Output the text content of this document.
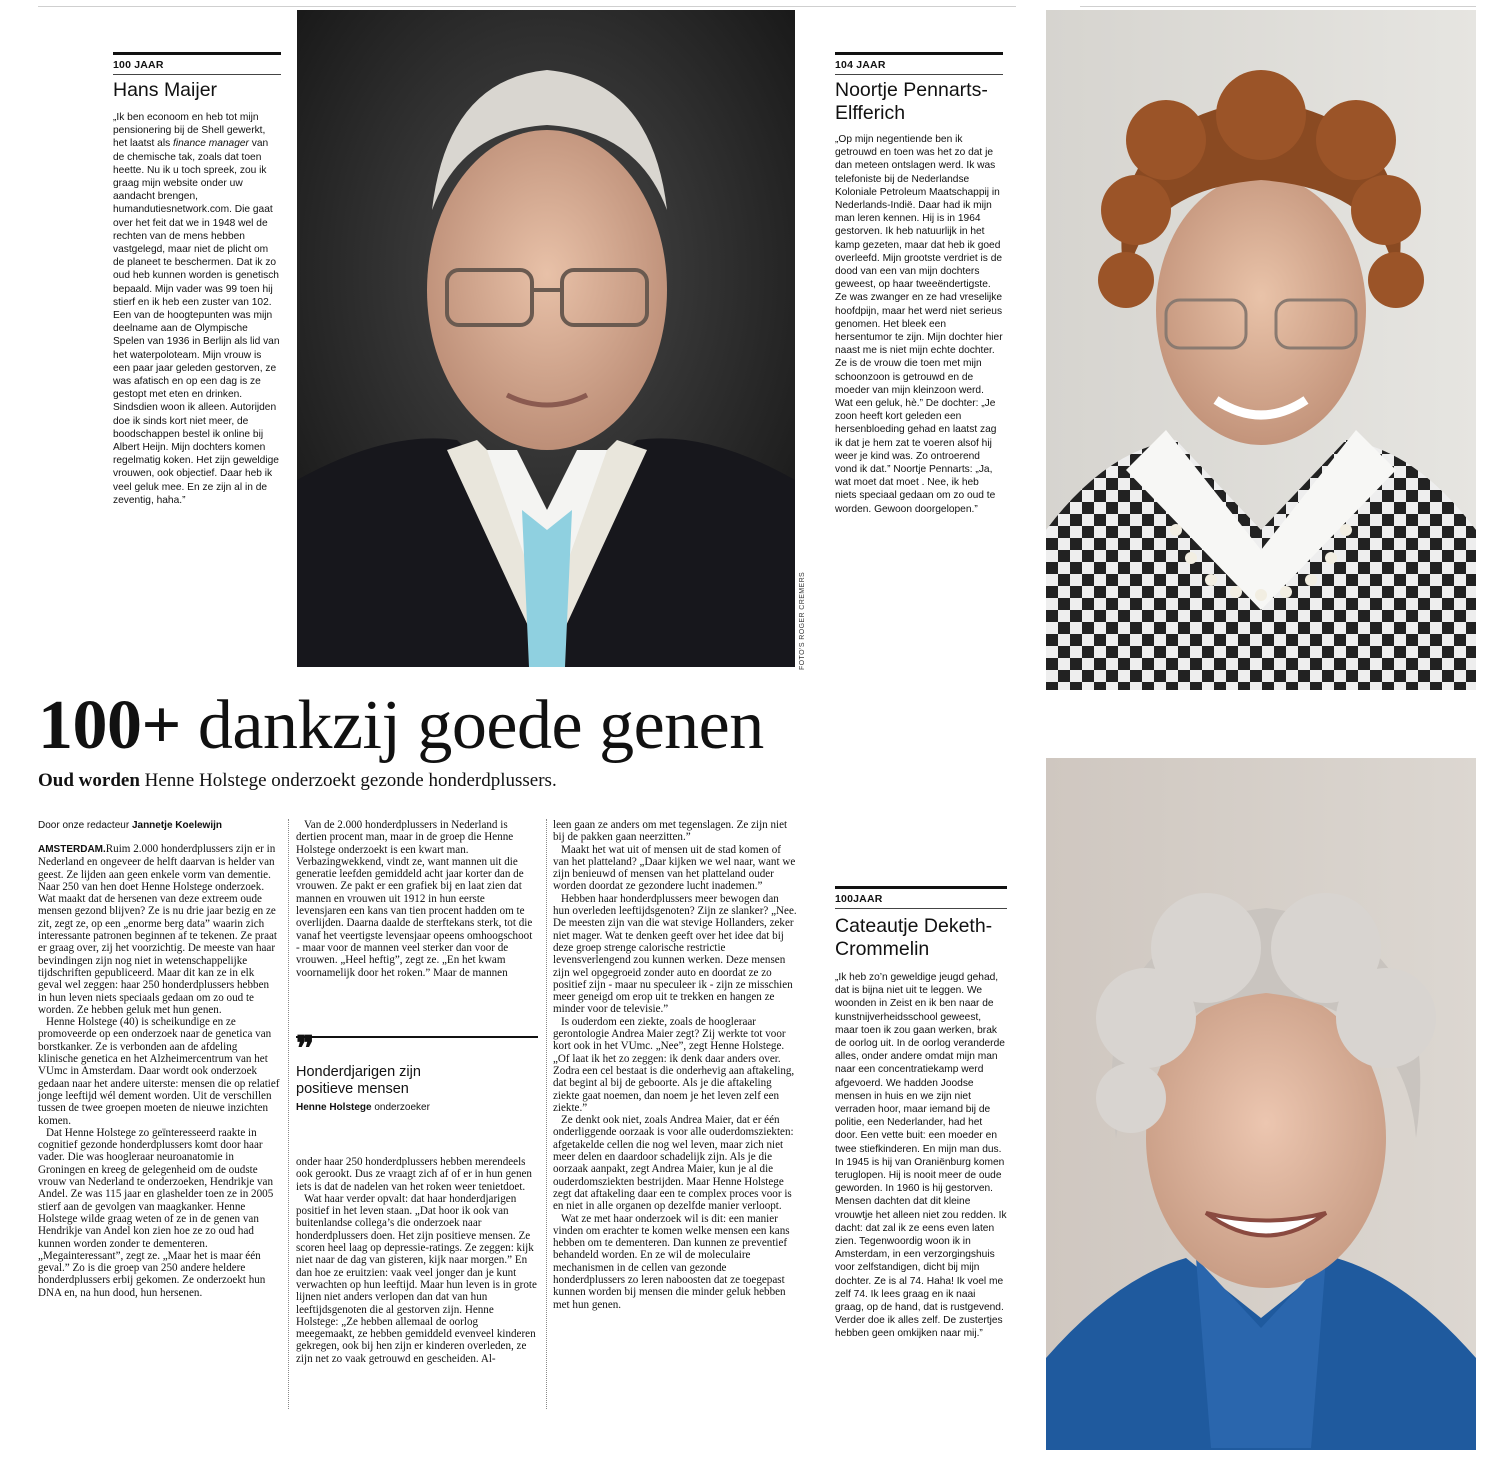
100 JAAR
Hans Maijer
„Ik ben econoom en heb tot mijn pensionering bij de Shell gewerkt, het laatst als finance manager van de chemische tak, zoals dat toen heette. Nu ik u toch spreek, zou ik graag mijn website onder uw aandacht brengen, humandutiesnetwork.com. Die gaat over het feit dat we in 1948 wel de rechten van de mens hebben vastgelegd, maar niet de plicht om de planeet te beschermen. Dat ik zo oud heb kunnen worden is genetisch bepaald. Mijn vader was 99 toen hij stierf en ik heb een zuster van 102. Een van de hoogtepunten was mijn deelname aan de Olympische Spelen van 1936 in Berlijn als lid van het waterpoloteam. Mijn vrouw is een paar jaar geleden gestorven, ze was afatisch en op een dag is ze gestopt met eten en drinken. Sindsdien woon ik alleen. Autorijden doe ik sinds kort niet meer, de boodschappen bestel ik online bij Albert Heijn. Mijn dochters komen regelmatig koken. Het zijn geweldige vrouwen, ook objectief. Daar heb ik veel geluk mee. En ze zijn al in de zeventig, haha.”
FOTO’S ROGER CREMERS
104 JAAR
Noortje Pennarts-
Elfferich
„Op mijn negentiende ben ik getrouwd en toen was het zo dat je dan meteen ontslagen werd. Ik was telefoniste bij de Nederlandse Koloniale Petroleum Maatschappij in Nederlands-Indië. Daar had ik mijn man leren kennen. Hij is in 1964 gestorven. Ik heb natuurlijk in het kamp gezeten, maar dat heb ik goed overleefd. Mijn grootste verdriet is de dood van een van mijn dochters geweest, op haar tweeëndertigste. Ze was zwanger en ze had vreselijke hoofdpijn, maar het werd niet serieus genomen. Het bleek een hersentumor te zijn. Mijn dochter hier naast me is niet mijn echte dochter. Ze is de vrouw die toen met mijn schoonzoon is getrouwd en de moeder van mijn kleinzoon werd. Wat een geluk, hè.” De dochter: „Je zoon heeft kort geleden een hersenbloeding gehad en laatst zag ik dat je hem zat te voeren alsof hij weer je kind was. Zo ontroerend vond ik dat.” Noortje Pennarts: „Ja, wat moet dat moet . Nee, ik heb niets speciaal gedaan om zo oud te worden. Gewoon doorgelopen.”
100JAAR
Cateautje Deketh-
Crommelin
„Ik heb zo’n geweldige jeugd gehad, dat is bijna niet uit te leggen. We woonden in Zeist en ik ben naar de kunstnijverheidsschool geweest, maar toen ik zou gaan werken, brak de oorlog uit. In de oorlog veranderde alles, onder andere omdat mijn man naar een concentratiekamp werd afgevoerd. We hadden Joodse mensen in huis en we zijn niet verraden hoor, maar iemand bij de politie, een Nederlander, had het door. Een vette buit: een moeder en twee stiefkinderen. En mijn man dus. In 1945 is hij van Oraniënburg komen teruglopen. Hij is nooit meer de oude geworden. In 1960 is hij gestorven. Mensen dachten dat dit kleine vrouwtje het alleen niet zou redden. Ik dacht: dat zal ik ze eens even laten zien. Tegenwoordig woon ik in Amsterdam, in een verzorgingshuis voor zelfstandigen, dicht bij mijn dochter. Ze is al 74. Haha! Ik voel me zelf 74. Ik lees graag en ik naai graag, op de hand, dat is rustgevend. Verder doe ik alles zelf. De zustertjes hebben geen omkijken naar mij.”
100+ dankzij goede genen
Oud worden Henne Holstege onderzoekt gezonde honderdplussers.
Door onze redacteur Jannetje Koelewijn

AMSTERDAM.Ruim 2.000 honderdplussers zijn er in Nederland en ongeveer de helft daarvan is helder van geest. Ze lijden aan geen enkele vorm van dementie. Naar 250 van hen doet Henne Holstege onderzoek. Wat maakt dat de hersenen van deze extreem oude mensen gezond blijven? Ze is nu drie jaar bezig en ze zit, zegt ze, op een „enorme berg data” waarin zich interessante patronen beginnen af te tekenen. Ze praat er graag over, zij het voorzichtig. De meeste van haar bevindingen zijn nog niet in wetenschappelijke tijdschriften gepubliceerd. Maar dit kan ze in elk geval wel zeggen: haar 250 honderdplussers hebben in hun leven niets speciaals gedaan om zo oud te worden. Ze hebben geluk met hun genen.

Henne Holstege (40) is scheikundige en ze promoveerde op een onderzoek naar de genetica van borstkanker. Ze is verbonden aan de afdeling klinische genetica en het Alzheimercentrum van het VUmc in Amsterdam. Daar wordt ook onderzoek gedaan naar het andere uiterste: mensen die op relatief jonge leeftijd wél dement worden. Uit de verschillen tussen de twee groepen moeten de nieuwe inzichten komen.

Dat Henne Holstege zo geïnteresseerd raakte in cognitief gezonde honderdplussers komt door haar vader. Die was hoogleraar neuroanatomie in Groningen en kreeg de gelegenheid om de oudste vrouw van Nederland te onderzoeken, Hendrikje van Andel. Ze was 115 jaar en glashelder toen ze in 2005 stierf aan de gevolgen van maagkanker. Henne Holstege wilde graag weten of ze in de genen van Hendrikje van Andel kon zien hoe ze zo oud had kunnen worden zonder te dementeren. „Megainteressant”, zegt ze. „Maar het is maar één geval.” Zo is die groep van 250 andere heldere honderdplussers erbij gekomen. Ze onderzoekt hun DNA en, na hun dood, hun hersenen.

Van de 2.000 honderdplussers in Nederland is dertien procent man, maar in de groep die Henne Holstege onderzoekt is een kwart man. Verbazingwekkend, vindt ze, want mannen uit die generatie leefden gemiddeld acht jaar korter dan de vrouwen. Ze pakt er een grafiek bij en laat zien dat mannen en vrouwen uit 1912 in hun eerste levensjaren een kans van tien procent hadden om te overlijden. Daarna daalde de sterftekans sterk, tot die vanaf het veertigste levensjaar opeens omhoogschoot - maar voor de mannen veel sterker dan voor de vrouwen. „Heel heftig”, zegt ze. „En het kwam voornamelijk door het roken.” Maar de mannen

❞
Honderdjarigen zijn
positieve mensen
Henne Holstege onderzoeker

onder haar 250 honderdplussers hebben merendeels ook gerookt. Dus ze vraagt zich af of er in hun genen iets is dat de nadelen van het roken weer tenietdoet.

Wat haar verder opvalt: dat haar honderdjarigen positief in het leven staan. „Dat hoor ik ook van buitenlandse collega’s die onderzoek naar honderdplussers doen. Het zijn positieve mensen. Ze scoren heel laag op depressie-ratings. Ze zeggen: kijk niet naar de dag van gisteren, kijk naar morgen.” En dan hoe ze eruitzien: vaak veel jonger dan je kunt verwachten op hun leeftijd. Maar hun leven is in grote lijnen niet anders verlopen dan dat van hun leeftijdsgenoten die al gestorven zijn. Henne Holstege: „Ze hebben allemaal de oorlog meegemaakt, ze hebben gemiddeld evenveel kinderen gekregen, ook bij hen zijn er kinderen overleden, ze zijn net zo vaak getrouwd en gescheiden. Al-

leen gaan ze anders om met tegenslagen. Ze zijn niet bij de pakken gaan neerzitten.”

Maakt het wat uit of mensen uit de stad komen of van het platteland? „Daar kijken we wel naar, want we zijn benieuwd of mensen van het platteland ouder worden doordat ze gezondere lucht inademen.”

Hebben haar honderdplussers meer bewogen dan hun overleden leeftijdsgenoten? Zijn ze slanker? „Nee. De meesten zijn van die wat stevige Hollanders, zeker niet mager. Wat te denken geeft over het idee dat bij deze groep strenge calorische restrictie levensverlengend zou kunnen werken. Deze mensen zijn wel opgegroeid zonder auto en doordat ze zo positief zijn - maar nu speculeer ik - zijn ze misschien meer geneigd om erop uit te trekken en hangen ze minder voor de televisie.”

Is ouderdom een ziekte, zoals de hoogleraar gerontologie Andrea Maier zegt? Zij werkte tot voor kort ook in het VUmc. „Nee”, zegt Henne Holstege. „Of laat ik het zo zeggen: ik denk daar anders over. Zodra een cel bestaat is die onderhevig aan aftakeling, dat begint al bij de geboorte. Als je die aftakeling ziekte gaat noemen, dan noem je het leven zelf een ziekte.”

Ze denkt ook niet, zoals Andrea Maier, dat er één onderliggende oorzaak is voor alle ouderdomsziekten: afgetakelde cellen die nog wel leven, maar zich niet meer delen en daardoor schadelijk zijn. Als je die oorzaak aanpakt, zegt Andrea Maier, kun je al die ouderdomsziekten bestrijden. Maar Henne Holstege zegt dat aftakeling daar een te complex proces voor is en niet in alle organen op dezelfde manier verloopt.

Wat ze met haar onderzoek wil is dit: een manier vinden om erachter te komen welke mensen een kans hebben om te dementeren. Dan kunnen ze preventief behandeld worden. En ze wil de moleculaire mechanismen in de cellen van gezonde honderdplussers zo leren naboosten dat ze toegepast kunnen worden bij mensen die minder geluk hebben met hun genen.
